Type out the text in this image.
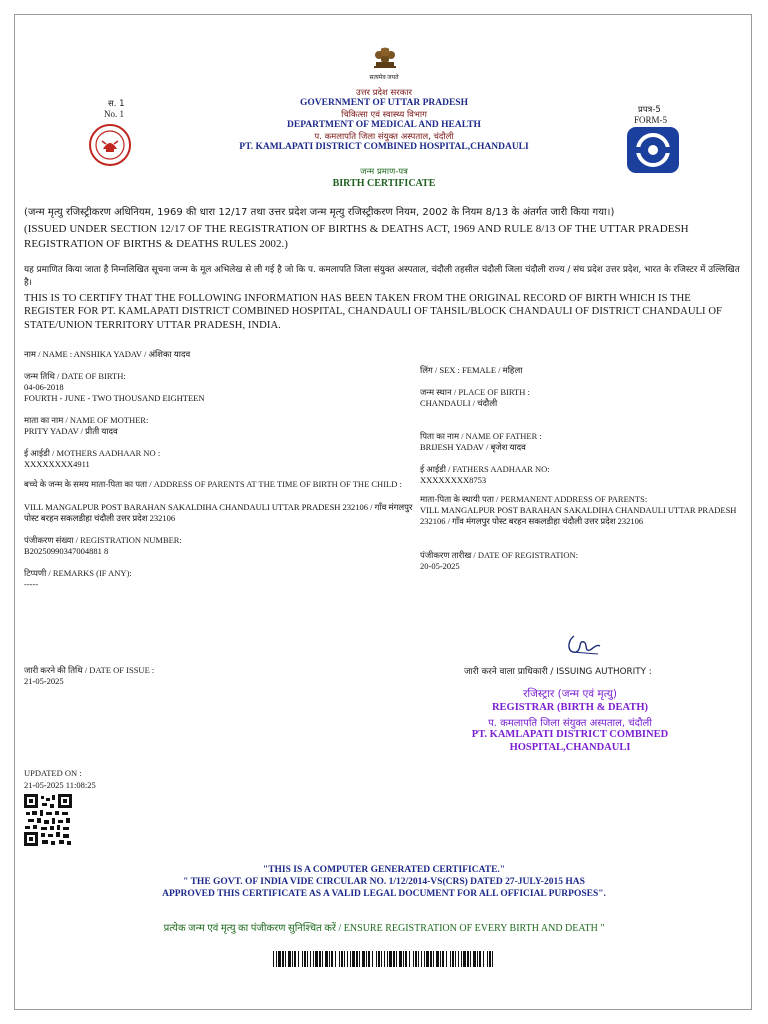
सत्यमेव जयते
उत्तर प्रदेश सरकार
GOVERNMENT OF UTTAR PRADESH
चिकित्सा एवं स्वास्थ्य विभाग
DEPARTMENT OF MEDICAL AND HEALTH
प. कमलापति जिला संयुक्त अस्पताल, चंदौली
PT. KAMLAPATI DISTRICT COMBINED HOSPITAL,CHANDAULI
जन्म प्रमाण-पत्र
BIRTH CERTIFICATE
स. 1
No. 1	प्रपत्र-5
FORM-5
(जन्म मृत्यु रजिस्ट्रीकरण अधिनियम, 1969 की धारा 12/17 तथा उत्तर प्रदेश जन्म मृत्यु रजिस्ट्रीकरण नियम, 2002 के नियम 8/13 के अंतर्गत जारी किया गया।)
(ISSUED UNDER SECTION 12/17 OF THE REGISTRATION OF BIRTHS & DEATHS ACT, 1969 AND RULE 8/13 OF THE UTTAR PRADESH REGISTRATION OF BIRTHS & DEATHS RULES 2002.)
यह प्रमाणित किया जाता है निम्नलिखित सूचना जन्म के मूल अभिलेख से ली गई है जो कि प. कमलापति जिला संयुक्त अस्पताल, चंदौली तहसील चंदौली जिला चंदौली राज्य / संघ प्रदेश उत्तर प्रदेश, भारत के रजिस्टर में उल्लिखित है।
THIS IS TO CERTIFY THAT THE FOLLOWING INFORMATION HAS BEEN TAKEN FROM THE ORIGINAL RECORD OF BIRTH WHICH IS THE REGISTER FOR PT. KAMLAPATI DISTRICT COMBINED HOSPITAL, CHANDAULI OF TAHSIL/BLOCK CHANDAULI OF DISTRICT CHANDAULI OF STATE/UNION TERRITORY UTTAR PRADESH, INDIA.
नाम / NAME : ANSHIKA YADAV / अंशिका यादव
जन्म तिथि / DATE OF BIRTH:
04-06-2018
FOURTH - JUNE - TWO THOUSAND EIGHTEEN
माता का नाम / NAME OF MOTHER:
PRITY YADAV / प्रीती यादव
ई आईडी / MOTHERS AADHAAR NO :
XXXXXXXX4911
बच्चे के जन्म के समय माता-पिता का पता / ADDRESS OF PARENTS AT THE TIME OF BIRTH OF THE CHILD :
VILL MANGALPUR POST BARAHAN SAKALDIHA CHANDAULI UTTAR PRADESH 232106 / गाँव मंगलपुर पोस्ट बरहन सकलडीहा चंदौली उत्तर प्रदेश 232106
पंजीकरण संख्या / REGISTRATION NUMBER:
B20250990347004881 8
टिप्पणी / REMARKS (IF ANY):
-----
लिंग / SEX : FEMALE / महिला
जन्म स्थान / PLACE OF BIRTH :
CHANDAULI / चंदौली
पिता का नाम / NAME OF FATHER :
BRIJESH YADAV / बृजेश यादव
ई आईडी / FATHERS AADHAAR NO:
XXXXXXXX8753
माता-पिता के स्थायी पता / PERMANENT ADDRESS OF PARENTS:
VILL MANGALPUR POST BARAHAN SAKALDIHA CHANDAULI UTTAR PRADESH 232106 / गाँव मंगलपुर पोस्ट बरहन सकलडीहा चंदौली उत्तर प्रदेश 232106
पंजीकरण तारीख / DATE OF REGISTRATION:
20-05-2025
जारी करने की तिथि / DATE OF ISSUE :
21-05-2025
जारी करने वाला प्राधिकारी / ISSUING AUTHORITY :
रजिस्ट्रार (जन्म एवं मृत्यु)
REGISTRAR (BIRTH & DEATH)
प. कमलापति जिला संयुक्त अस्पताल, चंदौली
PT. KAMLAPATI DISTRICT COMBINED
HOSPITAL,CHANDAULI
UPDATED ON :
21-05-2025 11:08:25
"THIS IS A COMPUTER GENERATED CERTIFICATE."
" THE GOVT. OF INDIA VIDE CIRCULAR NO. 1/12/2014-VS(CRS) DATED 27-JULY-2015 HAS
APPROVED THIS CERTIFICATE AS A VALID LEGAL DOCUMENT FOR ALL OFFICIAL PURPOSES".
प्रत्येक जन्म एवं मृत्यु का पंजीकरण सुनिश्चित करें / ENSURE REGISTRATION OF EVERY BIRTH AND DEATH "
